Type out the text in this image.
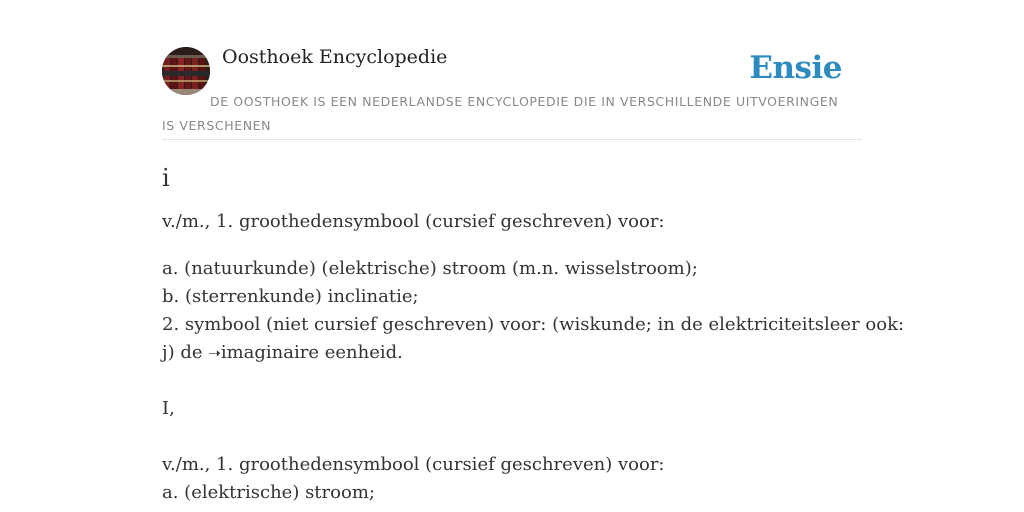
Oosthoek Encyclopedie	Ensie
DE OOSTHOEK IS EEN NEDERLANDSE ENCYCLOPEDIE DIE IN VERSCHILLENDE UITVOERINGEN IS VERSCHENEN

i

v./m., 1. groothedensymbool (cursief geschreven) voor:

a. (natuurkunde) (elektrische) stroom (m.n. wisselstroom);

b. (sterrenkunde) inclinatie;

2. symbool (niet cursief geschreven) voor: (wiskunde; in de elektriciteitsleer ook:

j) de ➝imaginaire eenheid.

I,

v./m., 1. groothedensymbool (cursief geschreven) voor:

a. (elektrische) stroom;
